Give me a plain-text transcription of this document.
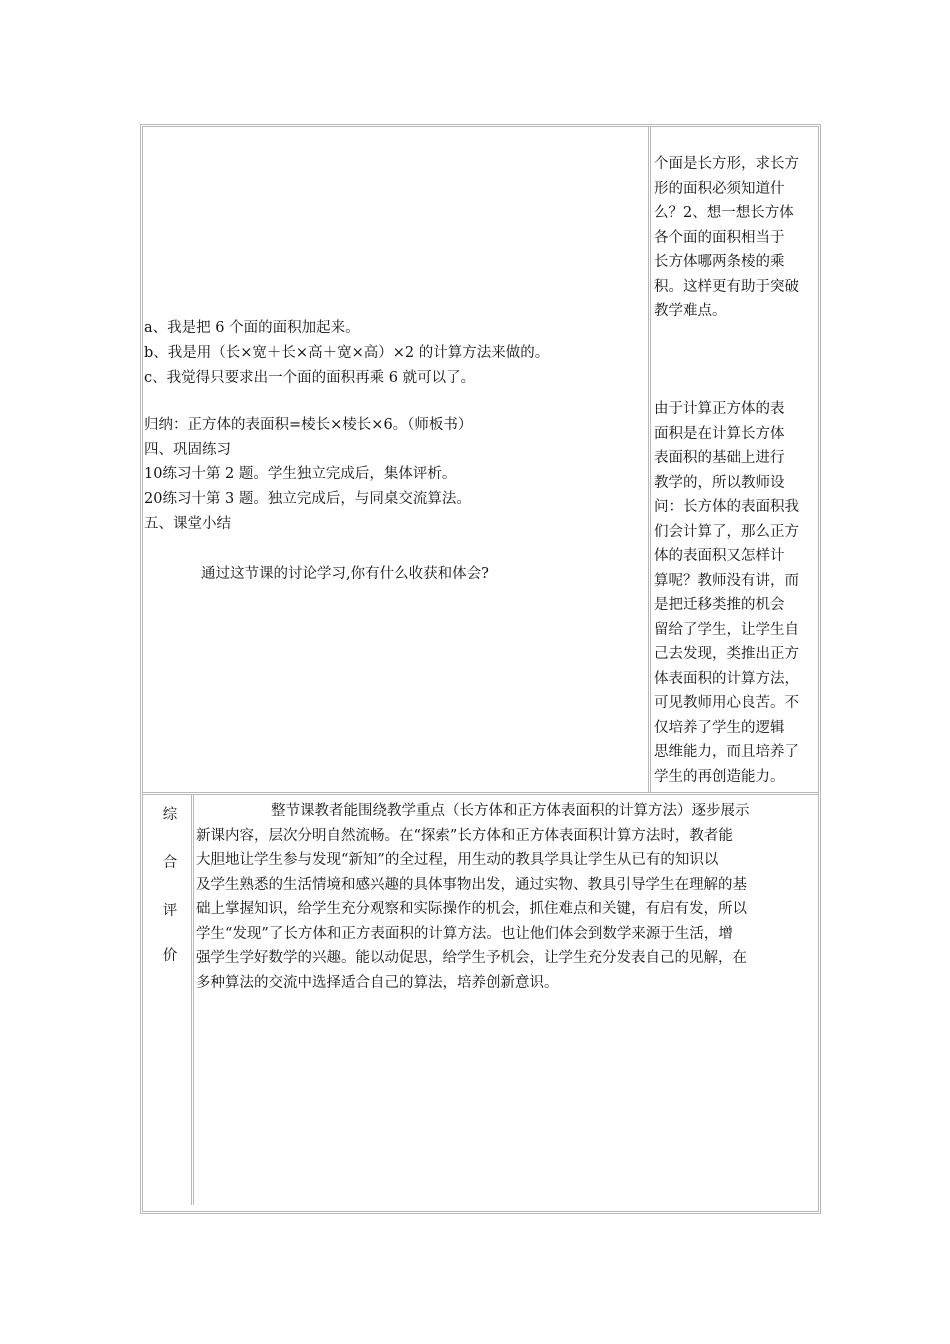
a、我是把 6 个面的面积加起来。
b、我是用（长×宽＋长×高＋宽×高）×2 的计算方法来做的。
c、我觉得只要求出一个面的面积再乘 6 就可以了。
归纳：正方体的表面积=棱长×棱长×6。（师板书）
四、巩固练习
10练习十第 2 题。学生独立完成后，集体评析。
20练习十第 3 题。独立完成后，与同桌交流算法。
五、课堂小结
通过这节课的讨论学习,你有什么收获和体会?
个面是长方形，求长方
形的面积必须知道什
么？2、想一想长方体
各个面的面积相当于
长方体哪两条棱的乘
积。这样更有助于突破
教学难点。
由于计算正方体的表
面积是在计算长方体
表面积的基础上进行
教学的，所以教师设
问：长方体的表面积我
们会计算了，那么正方
体的表面积又怎样计
算呢？教师没有讲，而
是把迁移类推的机会
留给了学生，让学生自
己去发现，类推出正方
体表面积的计算方法，
可见教师用心良苦。不
仅培养了学生的逻辑
思维能力，而且培养了
学生的再创造能力。
综
合
评
价
整节课教者能围绕教学重点（长方体和正方体表面积的计算方法）逐步展示
新课内容，层次分明自然流畅。在“探索”长方体和正方体表面积计算方法时，教者能
大胆地让学生参与发现“新知”的全过程，用生动的教具学具让学生从已有的知识以
及学生熟悉的生活情境和感兴趣的具体事物出发，通过实物、教具引导学生在理解的基
础上掌握知识，给学生充分观察和实际操作的机会，抓住难点和关键，有启有发，所以
学生“发现”了长方体和正方表面积的计算方法。也让他们体会到数学来源于生活，增
强学生学好数学的兴趣。能以动促思，给学生予机会，让学生充分发表自己的见解，在
多种算法的交流中选择适合自己的算法，培养创新意识。
